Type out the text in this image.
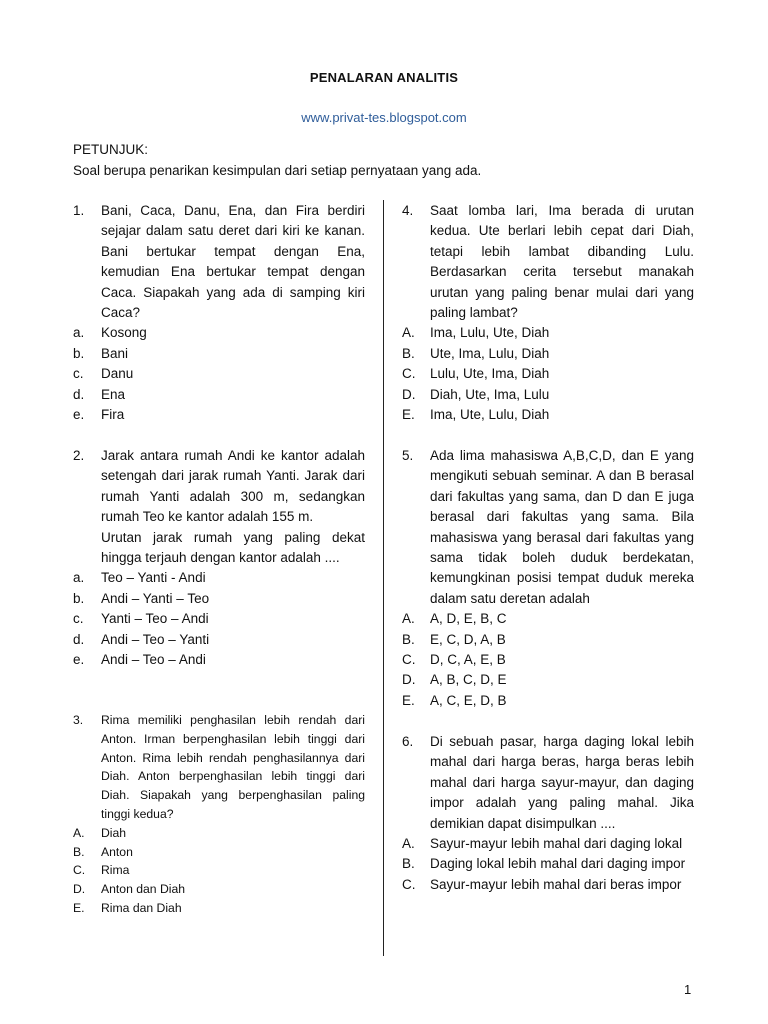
PENALARAN ANALITIS
www.privat-tes.blogspot.com
PETUNJUK:
Soal berupa penarikan kesimpulan dari setiap pernyataan yang ada.
1.	Bani, Caca, Danu, Ena, dan Fira berdiri sejajar dalam satu deret dari kiri ke kanan. Bani bertukar tempat dengan Ena, kemudian Ena bertukar tempat dengan Caca. Siapakah yang ada di samping kiri Caca?
a.	Kosong
b.	Bani
c.	Danu
d.	Ena
e.	Fira
2.	Jarak antara rumah Andi ke kantor adalah setengah dari jarak rumah Yanti. Jarak dari rumah Yanti adalah 300 m, sedangkan rumah Teo ke kantor adalah 155 m.
Urutan jarak rumah yang paling dekat hingga terjauh dengan kantor adalah ....
a.	Teo – Yanti - Andi
b.	Andi – Yanti – Teo
c.	Yanti – Teo – Andi
d.	Andi – Teo – Yanti
e.	Andi – Teo – Andi
3.	Rima memiliki penghasilan lebih rendah dari Anton. Irman berpenghasilan lebih tinggi dari Anton. Rima lebih rendah penghasilannya dari Diah. Anton berpenghasilan lebih tinggi dari Diah. Siapakah yang berpenghasilan paling tinggi kedua?
A.	Diah
B.	Anton
C.	Rima
D.	Anton dan Diah
E.	Rima dan Diah
4.	Saat lomba lari, Ima berada di urutan kedua. Ute berlari lebih cepat dari Diah, tetapi lebih lambat dibanding Lulu. Berdasarkan cerita tersebut manakah urutan yang paling benar mulai dari yang paling lambat?
A.	Ima, Lulu, Ute, Diah
B.	Ute, Ima, Lulu, Diah
C.	Lulu, Ute, Ima, Diah
D.	Diah, Ute, Ima, Lulu
E.	Ima, Ute, Lulu, Diah
5.	Ada lima mahasiswa A,B,C,D, dan E yang mengikuti sebuah seminar. A dan B berasal dari fakultas yang sama, dan D dan E juga berasal dari fakultas yang sama. Bila mahasiswa yang berasal dari fakultas yang sama tidak boleh duduk berdekatan, kemungkinan posisi tempat duduk mereka dalam satu deretan adalah
A.	A, D, E, B, C
B.	E, C, D, A, B
C.	D, C, A, E, B
D.	A, B, C, D, E
E.	A, C, E, D, B
6.	Di sebuah pasar, harga daging lokal lebih mahal dari harga beras, harga beras lebih mahal dari harga sayur-mayur, dan daging impor adalah yang paling mahal. Jika demikian dapat disimpulkan ....
A.	Sayur-mayur lebih mahal dari daging lokal
B.	Daging lokal lebih mahal dari daging impor
C.	Sayur-mayur lebih mahal dari beras impor
1
